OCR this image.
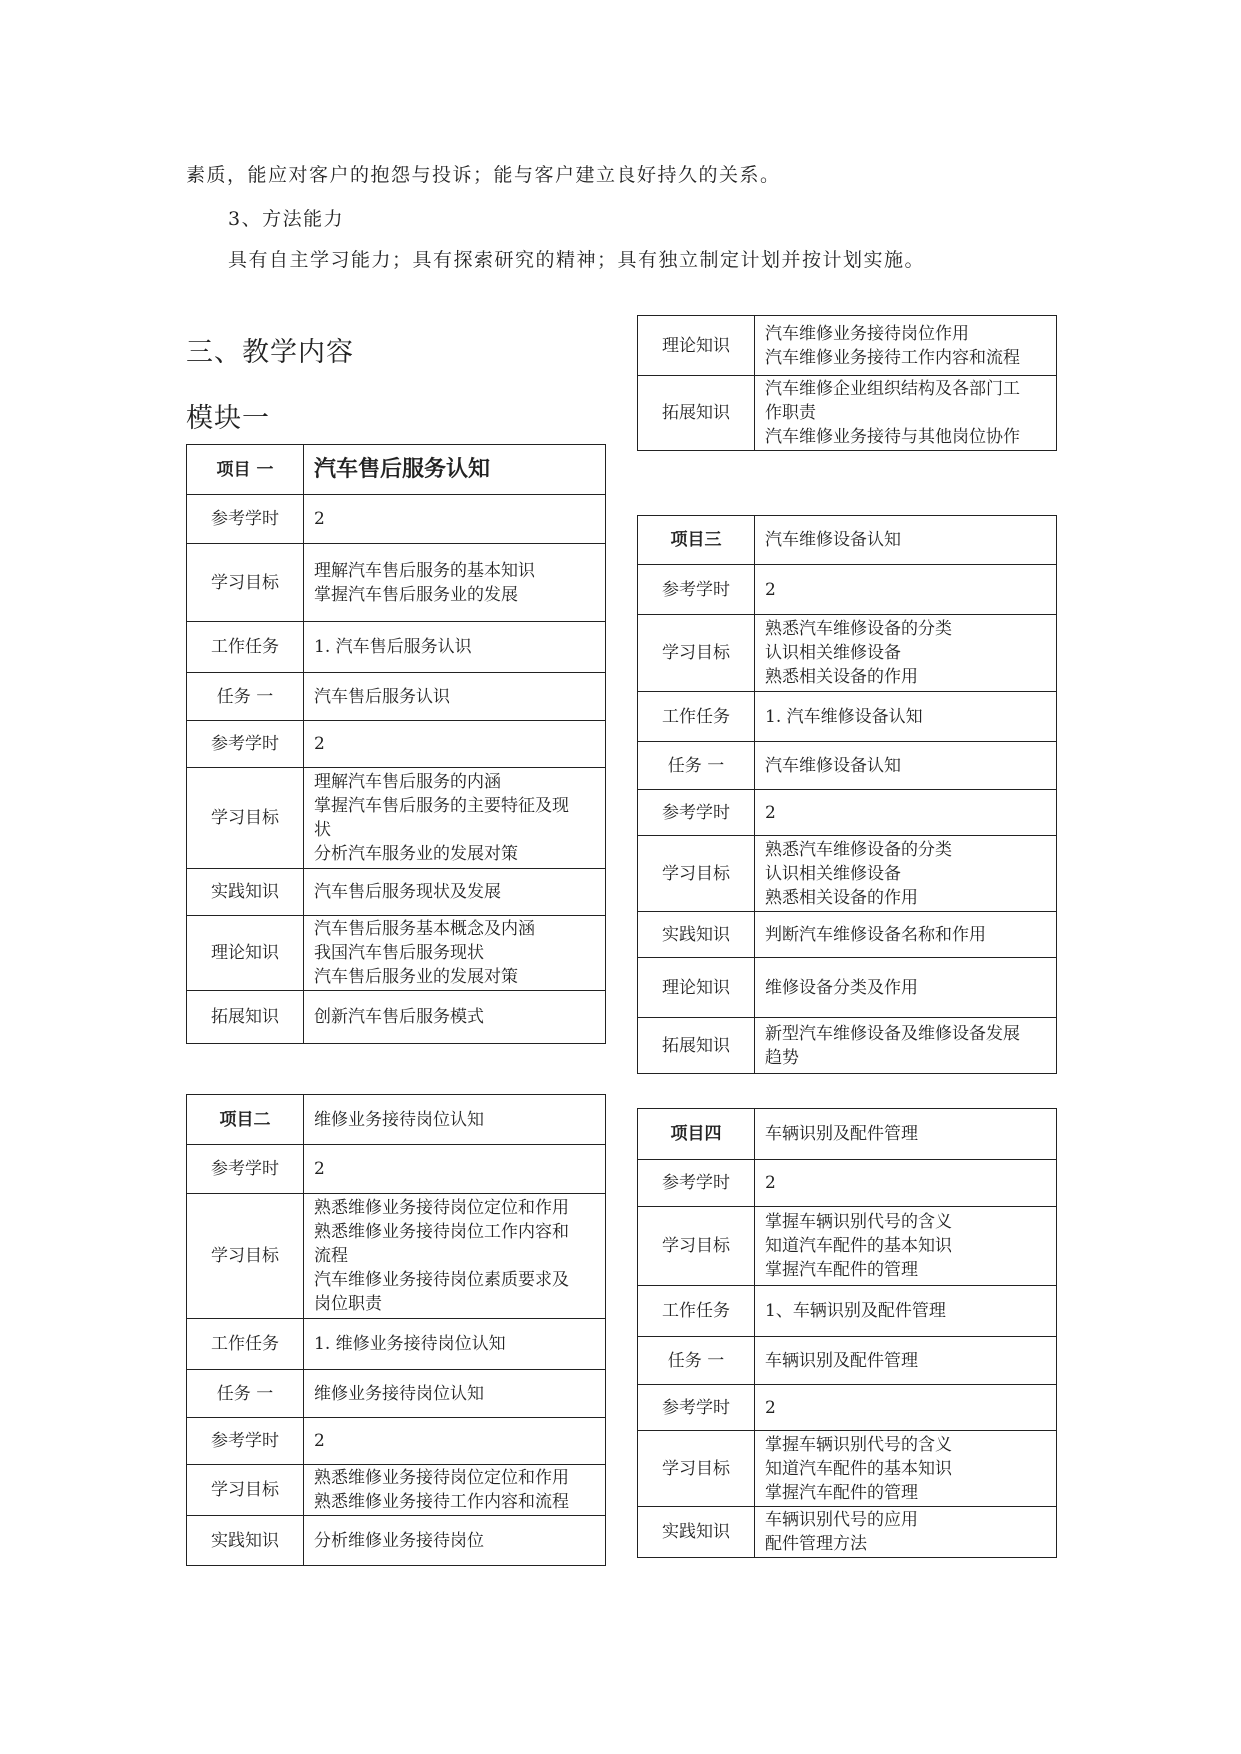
素质，能应对客户的抱怨与投诉；能与客户建立良好持久的关系。

3、方法能力

具有自主学习能力；具有探索研究的精神；具有独立制定计划并按计划实施。

三、教学内容
模块一
项目 一	汽车售后服务认知

参考学时	2

学习目标	理解汽车售后服务的基本知识
掌握汽车售后服务业的发展

工作任务	1. 汽车售后服务认识

任务 一	汽车售后服务认识

参考学时	2

学习目标	理解汽车售后服务的内涵
掌握汽车售后服务的主要特征及现
状
分析汽车服务业的发展对策

实践知识	汽车售后服务现状及发展

理论知识	汽车售后服务基本概念及内涵
我国汽车售后服务现状
汽车售后服务业的发展对策

拓展知识	创新汽车售后服务模式
项目二	维修业务接待岗位认知

参考学时	2

学习目标	熟悉维修业务接待岗位定位和作用
熟悉维修业务接待岗位工作内容和
流程
汽车维修业务接待岗位素质要求及
岗位职责

工作任务	1. 维修业务接待岗位认知

任务 一	维修业务接待岗位认知

参考学时	2

学习目标	熟悉维修业务接待岗位定位和作用
熟悉维修业务接待工作内容和流程

实践知识	分析维修业务接待岗位
理论知识	汽车维修业务接待岗位作用
汽车维修业务接待工作内容和流程

拓展知识	汽车维修企业组织结构及各部门工
作职责
汽车维修业务接待与其他岗位协作
项目三	汽车维修设备认知

参考学时	2

学习目标	熟悉汽车维修设备的分类
认识相关维修设备
熟悉相关设备的作用

工作任务	1. 汽车维修设备认知

任务 一	汽车维修设备认知

参考学时	2

学习目标	熟悉汽车维修设备的分类
认识相关维修设备
熟悉相关设备的作用

实践知识	判断汽车维修设备名称和作用

理论知识	维修设备分类及作用

拓展知识	新型汽车维修设备及维修设备发展
趋势
项目四	车辆识别及配件管理

参考学时	2

学习目标	掌握车辆识别代号的含义
知道汽车配件的基本知识
掌握汽车配件的管理

工作任务	1、车辆识别及配件管理

任务 一	车辆识别及配件管理

参考学时	2

学习目标	掌握车辆识别代号的含义
知道汽车配件的基本知识
掌握汽车配件的管理

实践知识	车辆识别代号的应用
配件管理方法
